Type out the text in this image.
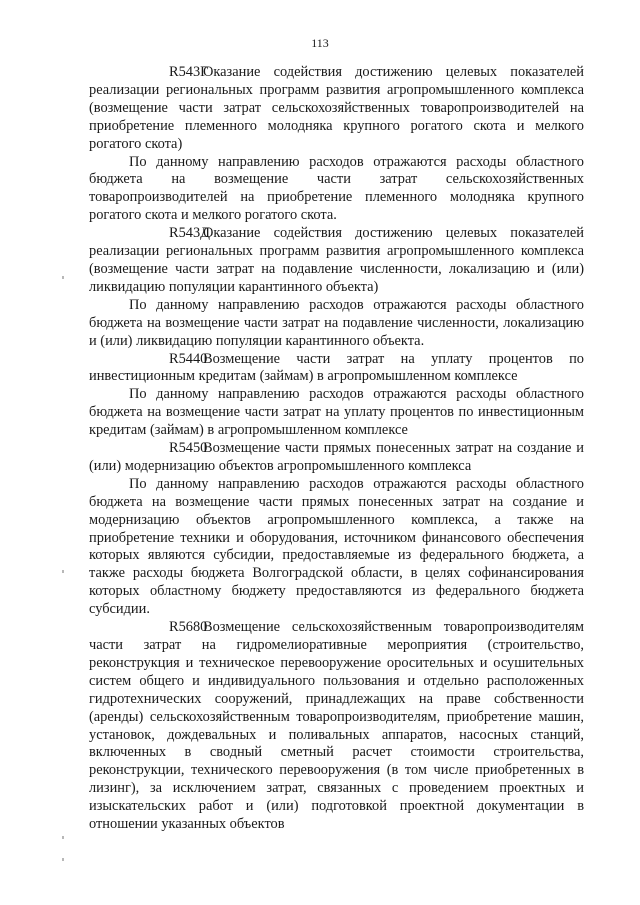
113

R543ГОказание содействия достижению целевых показателей реализации региональных программ развития агропромышленного комплекса (возмещение части затрат сельскохозяйственных товаропроизводителей на приобретение племенного молодняка крупного рогатого скота и мелкого рогатого скота)

По данному направлению расходов отражаются расходы областного бюджета на возмещение части затрат сельскохозяйственных товаропроизводителей на приобретение племенного молодняка крупного рогатого скота и мелкого рогатого скота.

R543ДОказание содействия достижению целевых показателей реализации региональных программ развития агропромышленного комплекса (возмещение части затрат на подавление численности, локализацию и (или) ликвидацию популяции карантинного объекта)

По данному направлению расходов отражаются расходы областного бюджета на возмещение части затрат на подавление численности, локализацию и (или) ликвидацию популяции карантинного объекта.

R5440Возмещение части затрат на уплату процентов по инвестиционным кредитам (займам) в агропромышленном комплексе

По данному направлению расходов отражаются расходы областного бюджета на возмещение части затрат на уплату процентов по инвестиционным кредитам (займам) в агропромышленном комплексе

R5450Возмещение части прямых понесенных затрат на создание и (или) модернизацию объектов агропромышленного комплекса

По данному направлению расходов отражаются расходы областного бюджета на возмещение части прямых понесенных затрат на создание и модернизацию объектов агропромышленного комплекса, а также на приобретение техники и оборудования, источником финансового обеспечения которых являются субсидии, предоставляемые из федерального бюджета, а также расходы бюджета Волгоградской области, в целях софинансирования которых областному бюджету предоставляются из федерального бюджета субсидии.

R5680Возмещение сельскохозяйственным товаропроизводителям части затрат на гидромелиоративные мероприятия (строительство, реконструкция и техническое перевооружение оросительных и осушительных систем общего и индивидуального пользования и отдельно расположенных гидротехнических сооружений, принадлежащих на праве собственности (аренды) сельскохозяйственным товаропроизводителям, приобретение машин, установок, дождевальных и поливальных аппаратов, насосных станций, включенных в сводный сметный расчет стоимости строительства, реконструкции, технического перевооружения (в том числе приобретенных в лизинг), за исключением затрат, связанных с проведением проектных и изыскательских работ и (или) подготовкой проектной документации в отношении указанных объектов
